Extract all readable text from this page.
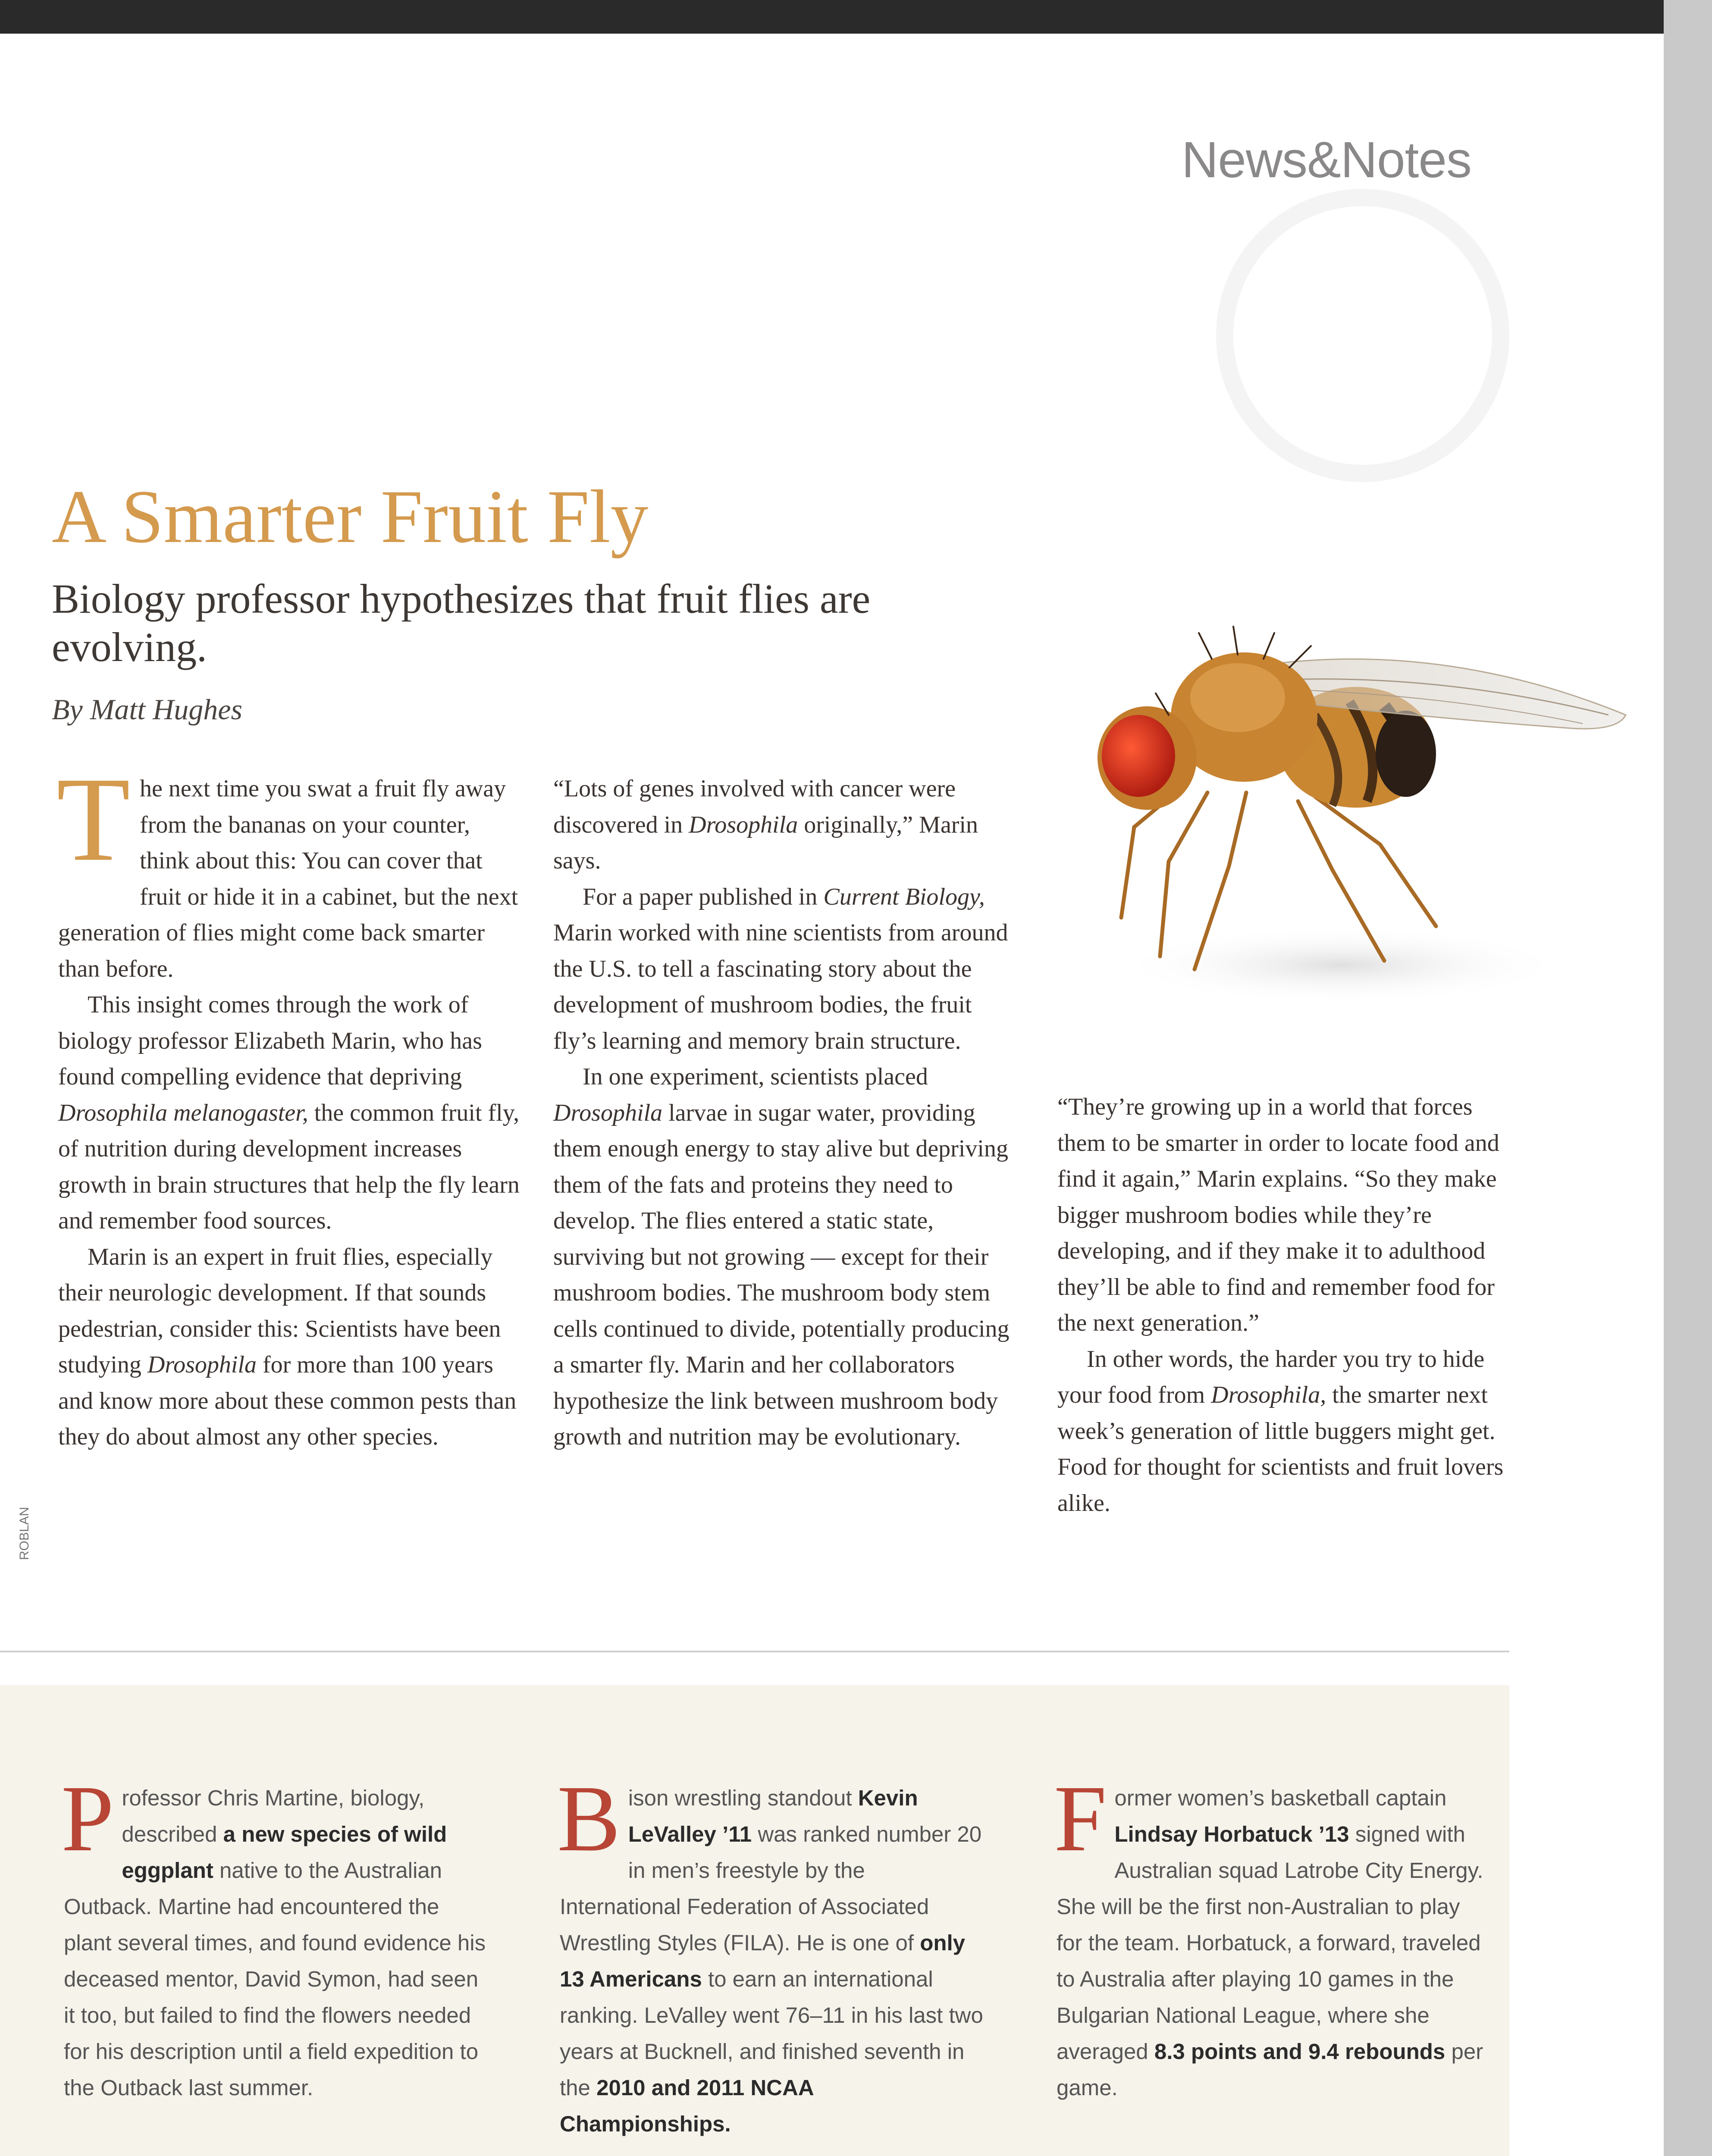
News&Notes
A Smarter Fruit Fly
Biology professor hypothesizes that fruit flies are evolving.
By Matt Hughes

The next time you swat a fruit fly away from the bananas on your counter, think about this: You can cover that fruit or hide it in a cabinet, but the next generation of flies might come back smarter than before.

This insight comes through the work of biology professor Elizabeth Marin, who has found compelling evidence that depriving Drosophila melanogaster, the common fruit fly, of nutrition during development increases growth in brain structures that help the fly learn and remember food sources.

Marin is an expert in fruit flies, especially their neurologic development. If that sounds pedestrian, consider this: Scientists have been studying Drosophila for more than 100 years and know more about these common pests than they do about almost any other species.

“Lots of genes involved with cancer were discovered in Drosophila originally,” Marin says.

For a paper published in Current Biology, Marin worked with nine scientists from around the U.S. to tell a fascinating story about the development of mushroom bodies, the fruit fly’s learning and memory brain structure.

In one experiment, scientists placed Drosophila larvae in sugar water, providing them enough energy to stay alive but depriving them of the fats and proteins they need to develop. The flies entered a static state, surviving but not growing — except for their mushroom bodies. The mushroom body stem cells continued to divide, potentially producing a smarter fly. Marin and her collaborators hypothesize the link between mushroom body growth and nutrition may be evolutionary.

“They’re growing up in a world that forces them to be smarter in order to locate food and find it again,” Marin explains. “So they make bigger mushroom bodies while they’re developing, and if they make it to adulthood they’ll be able to find and remember food for the next generation.”

In other words, the harder you try to hide your food from Drosophila, the smarter next week’s generation of little buggers might get. Food for thought for scientists and fruit lovers alike.

ROBLAN
Professor Chris Martine, biology, described a new species of wild eggplant native to the Australian Outback. Martine had encountered the plant several times, and found evidence his deceased mentor, David Symon, had seen it too, but failed to find the flowers needed for his description until a field expedition to the Outback last summer.
Bison wrestling standout Kevin LeValley ’11 was ranked number 20 in men’s freestyle by the International Federation of Associated Wrestling Styles (FILA). He is one of only 13 Americans to earn an international ranking. LeValley went 76–11 in his last two years at Bucknell, and finished seventh in the 2010 and 2011 NCAA Championships.
Former women’s basketball captain Lindsay Horbatuck ’13 signed with Australian squad Latrobe City Energy. She will be the first non-Australian to play for the team. Horbatuck, a forward, traveled to Australia after playing 10 games in the Bulgarian National League, where she averaged 8.3 points and 9.4 rebounds per game.
